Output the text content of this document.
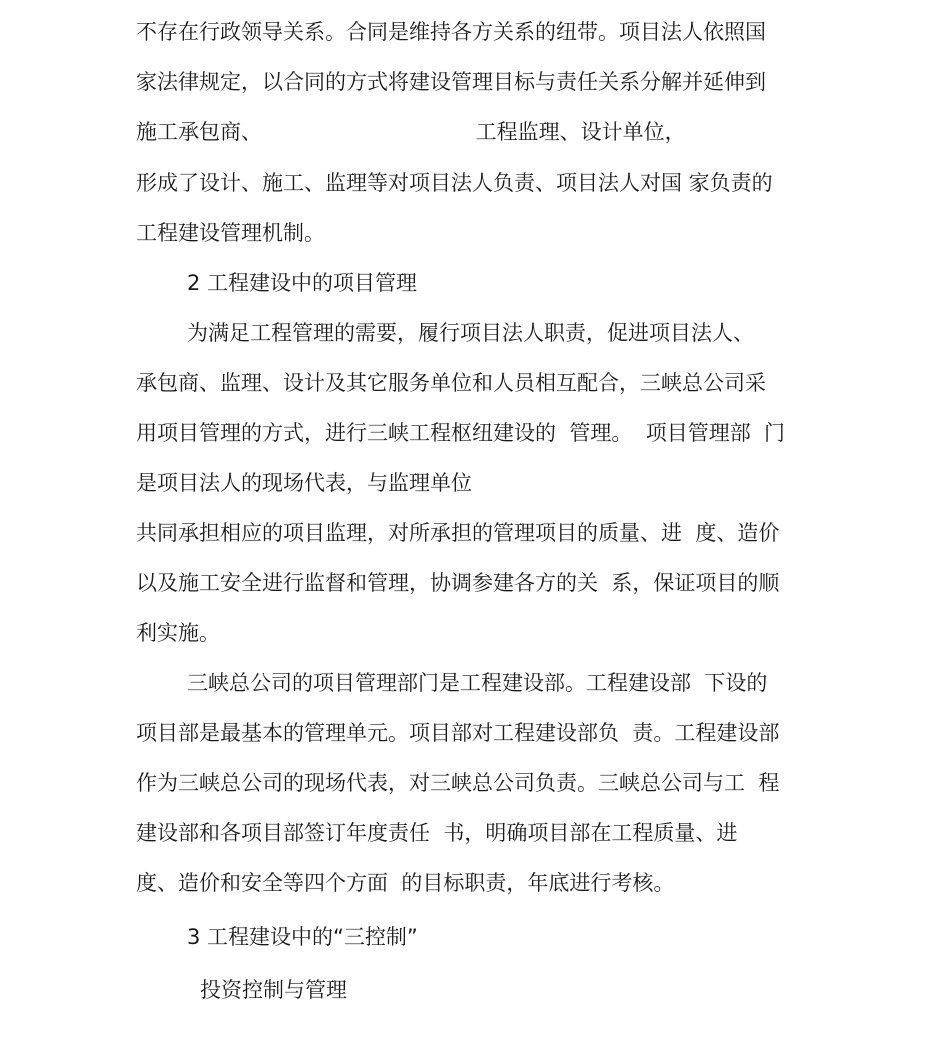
不存在行政领导关系。合同是维持各方关系的纽带。项目法人依照国
家法律规定，以合同的方式将建设管理目标与责任关系分解并延伸到
施工承包商、                                工程监理、设计单位，
形成了设计、施工、监理等对项目法人负责、项目法人对国 家负责的
工程建设管理机制。
2 工程建设中的项目管理
为满足工程管理的需要，履行项目法人职责，促进项目法人、
承包商、监理、设计及其它服务单位和人员相互配合，三峡总公司采
用项目管理的方式，进行三峡工程枢纽建设的  管理。  项目管理部  门
是项目法人的现场代表，与监理单位
共同承担相应的项目监理，对所承担的管理项目的质量、进  度、造价
以及施工安全进行监督和管理，协调参建各方的关  系，保证项目的顺
利实施。
三峡总公司的项目管理部门是工程建设部。工程建设部  下设的
项目部是最基本的管理单元。项目部对工程建设部负  责。工程建设部
作为三峡总公司的现场代表，对三峡总公司负责。三峡总公司与工  程
建设部和各项目部签订年度责任  书，明确项目部在工程质量、进
度、造价和安全等四个方面  的目标职责，年底进行考核。
3 工程建设中的“三控制”
投资控制与管理
